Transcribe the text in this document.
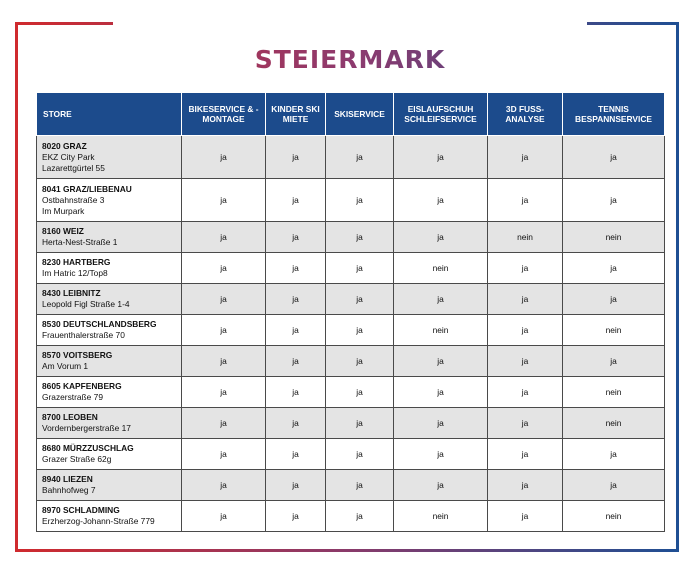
STORE-SERVICELEISTUNGEN
STEIERMARK
STORE	BIKESERVICE & -MONTAGE	KINDER SKI MIETE	SKISERVICE	EISLAUFSCHUH SCHLEIFSERVICE	3D FUSS-ANALYSE	TENNIS BESPANNSERVICE

8020 GRAZ
EKZ City Park
Lazarettgürtel 55	ja	ja	ja	ja	ja	ja

8041 GRAZ/LIEBENAU
Ostbahnstraße 3
Im Murpark	ja	ja	ja	ja	ja	ja

8160 WEIZ
Herta-Nest-Straße 1	ja	ja	ja	ja	nein	nein

8230 HARTBERG
Im Hatric 12/Top8	ja	ja	ja	nein	ja	ja

8430 LEIBNITZ
Leopold Figl Straße 1-4	ja	ja	ja	ja	ja	ja

8530 DEUTSCHLANDSBERG
Frauenthalerstraße 70	ja	ja	ja	nein	ja	nein

8570 VOITSBERG
Am Vorum 1	ja	ja	ja	ja	ja	ja

8605 KAPFENBERG
Grazerstraße 79	ja	ja	ja	ja	ja	nein

8700 LEOBEN
Vordernbergerstraße 17	ja	ja	ja	ja	ja	nein

8680 MÜRZZUSCHLAG
Grazer Straße 62g	ja	ja	ja	ja	ja	ja

8940 LIEZEN
Bahnhofweg 7	ja	ja	ja	ja	ja	ja

8970 SCHLADMING
Erzherzog-Johann-Straße 779	ja	ja	ja	nein	ja	nein
